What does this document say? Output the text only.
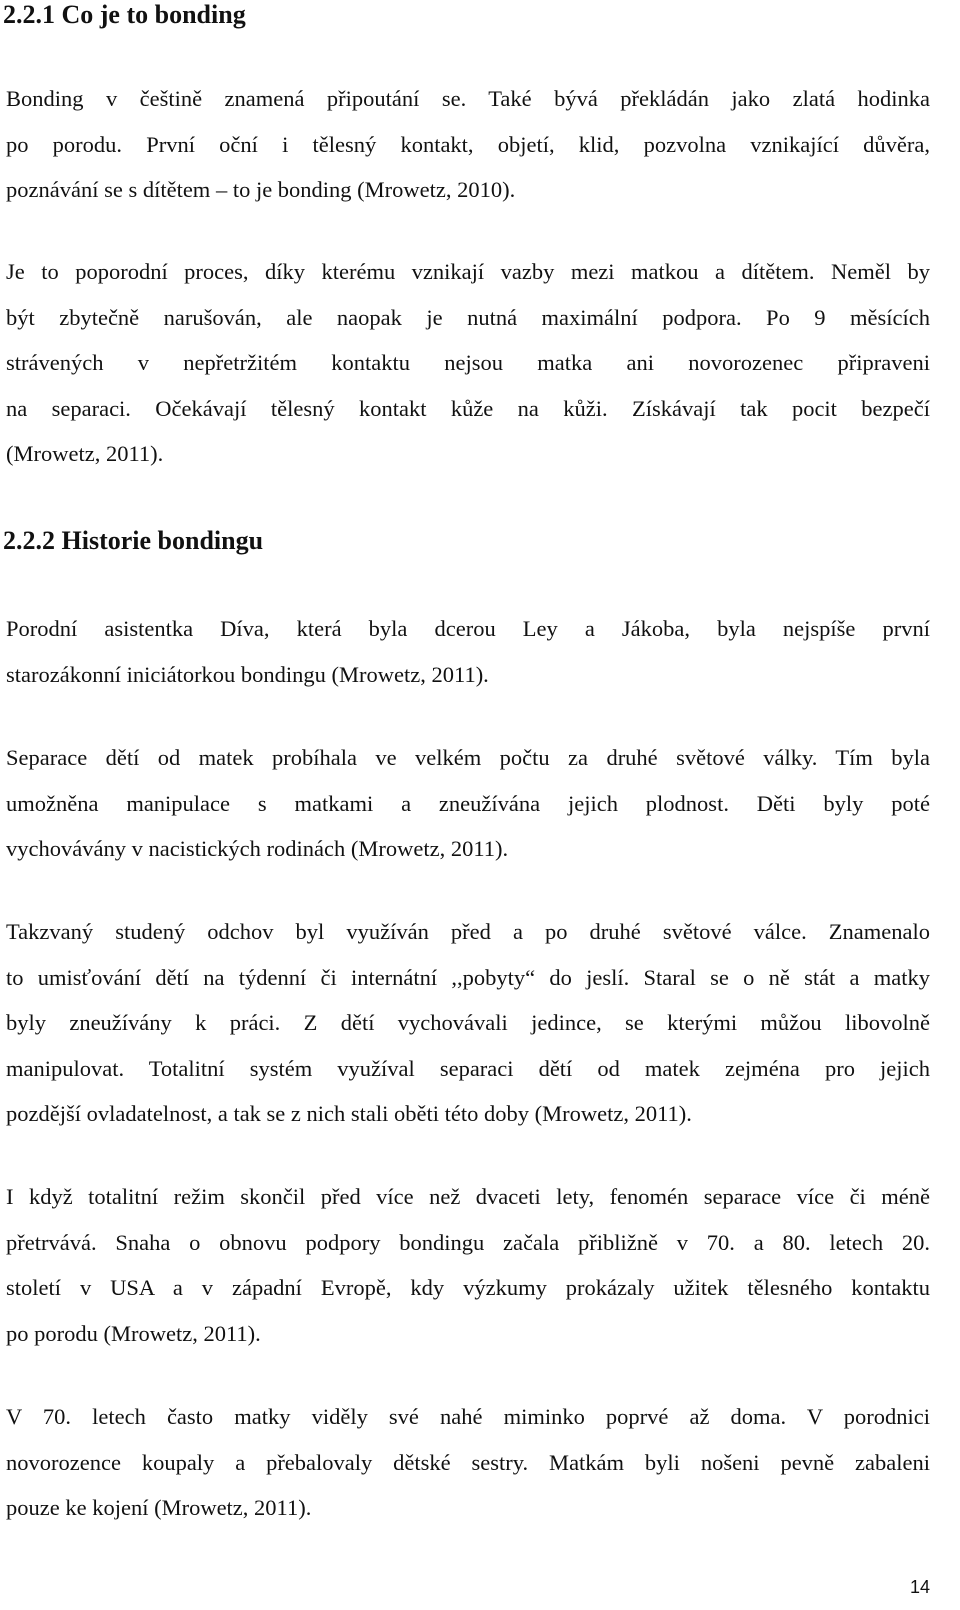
2.2.1 Co je to bonding
Bonding v češtině znamená připoutání se. Také bývá překládán jako zlatá hodinka
po porodu. První oční i tělesný kontakt, objetí, klid, pozvolna vznikající důvěra,
poznávání se s dítětem – to je bonding (Mrowetz, 2010).
Je to poporodní proces, díky kterému vznikají vazby mezi matkou a dítětem. Neměl by
být zbytečně narušován, ale naopak je nutná maximální podpora. Po 9 měsících
strávených v nepřetržitém kontaktu nejsou matka ani novorozenec připraveni
na separaci. Očekávají tělesný kontakt kůže na kůži. Získávají tak pocit bezpečí
(Mrowetz, 2011).
2.2.2 Historie bondingu
Porodní asistentka Díva, která byla dcerou Ley a Jákoba, byla nejspíše první
starozákonní iniciátorkou bondingu (Mrowetz, 2011).
Separace dětí od matek probíhala ve velkém počtu za druhé světové války. Tím byla
umožněna manipulace s matkami a zneužívána jejich plodnost. Děti byly poté
vychovávány v nacistických rodinách (Mrowetz, 2011).
Takzvaný studený odchov byl využíván před a po druhé světové válce. Znamenalo
to umisťování dětí na týdenní či internátní ,,pobyty“ do jeslí. Staral se o ně stát a matky
byly zneužívány k práci. Z dětí vychovávali jedince, se kterými můžou libovolně
manipulovat. Totalitní systém využíval separaci dětí od matek zejména pro jejich
pozdější ovladatelnost, a tak se z nich stali oběti této doby (Mrowetz, 2011).
I když totalitní režim skončil před více než dvaceti lety, fenomén separace více či méně
přetrvává. Snaha o obnovu podpory bondingu začala přibližně v 70. a 80. letech 20.
století v USA a v západní Evropě, kdy výzkumy prokázaly užitek tělesného kontaktu
po porodu (Mrowetz, 2011).
V 70. letech často matky viděly své nahé miminko poprvé až doma. V porodnici
novorozence koupaly a přebalovaly dětské sestry. Matkám byli nošeni pevně zabaleni
pouze ke kojení (Mrowetz, 2011).
14
